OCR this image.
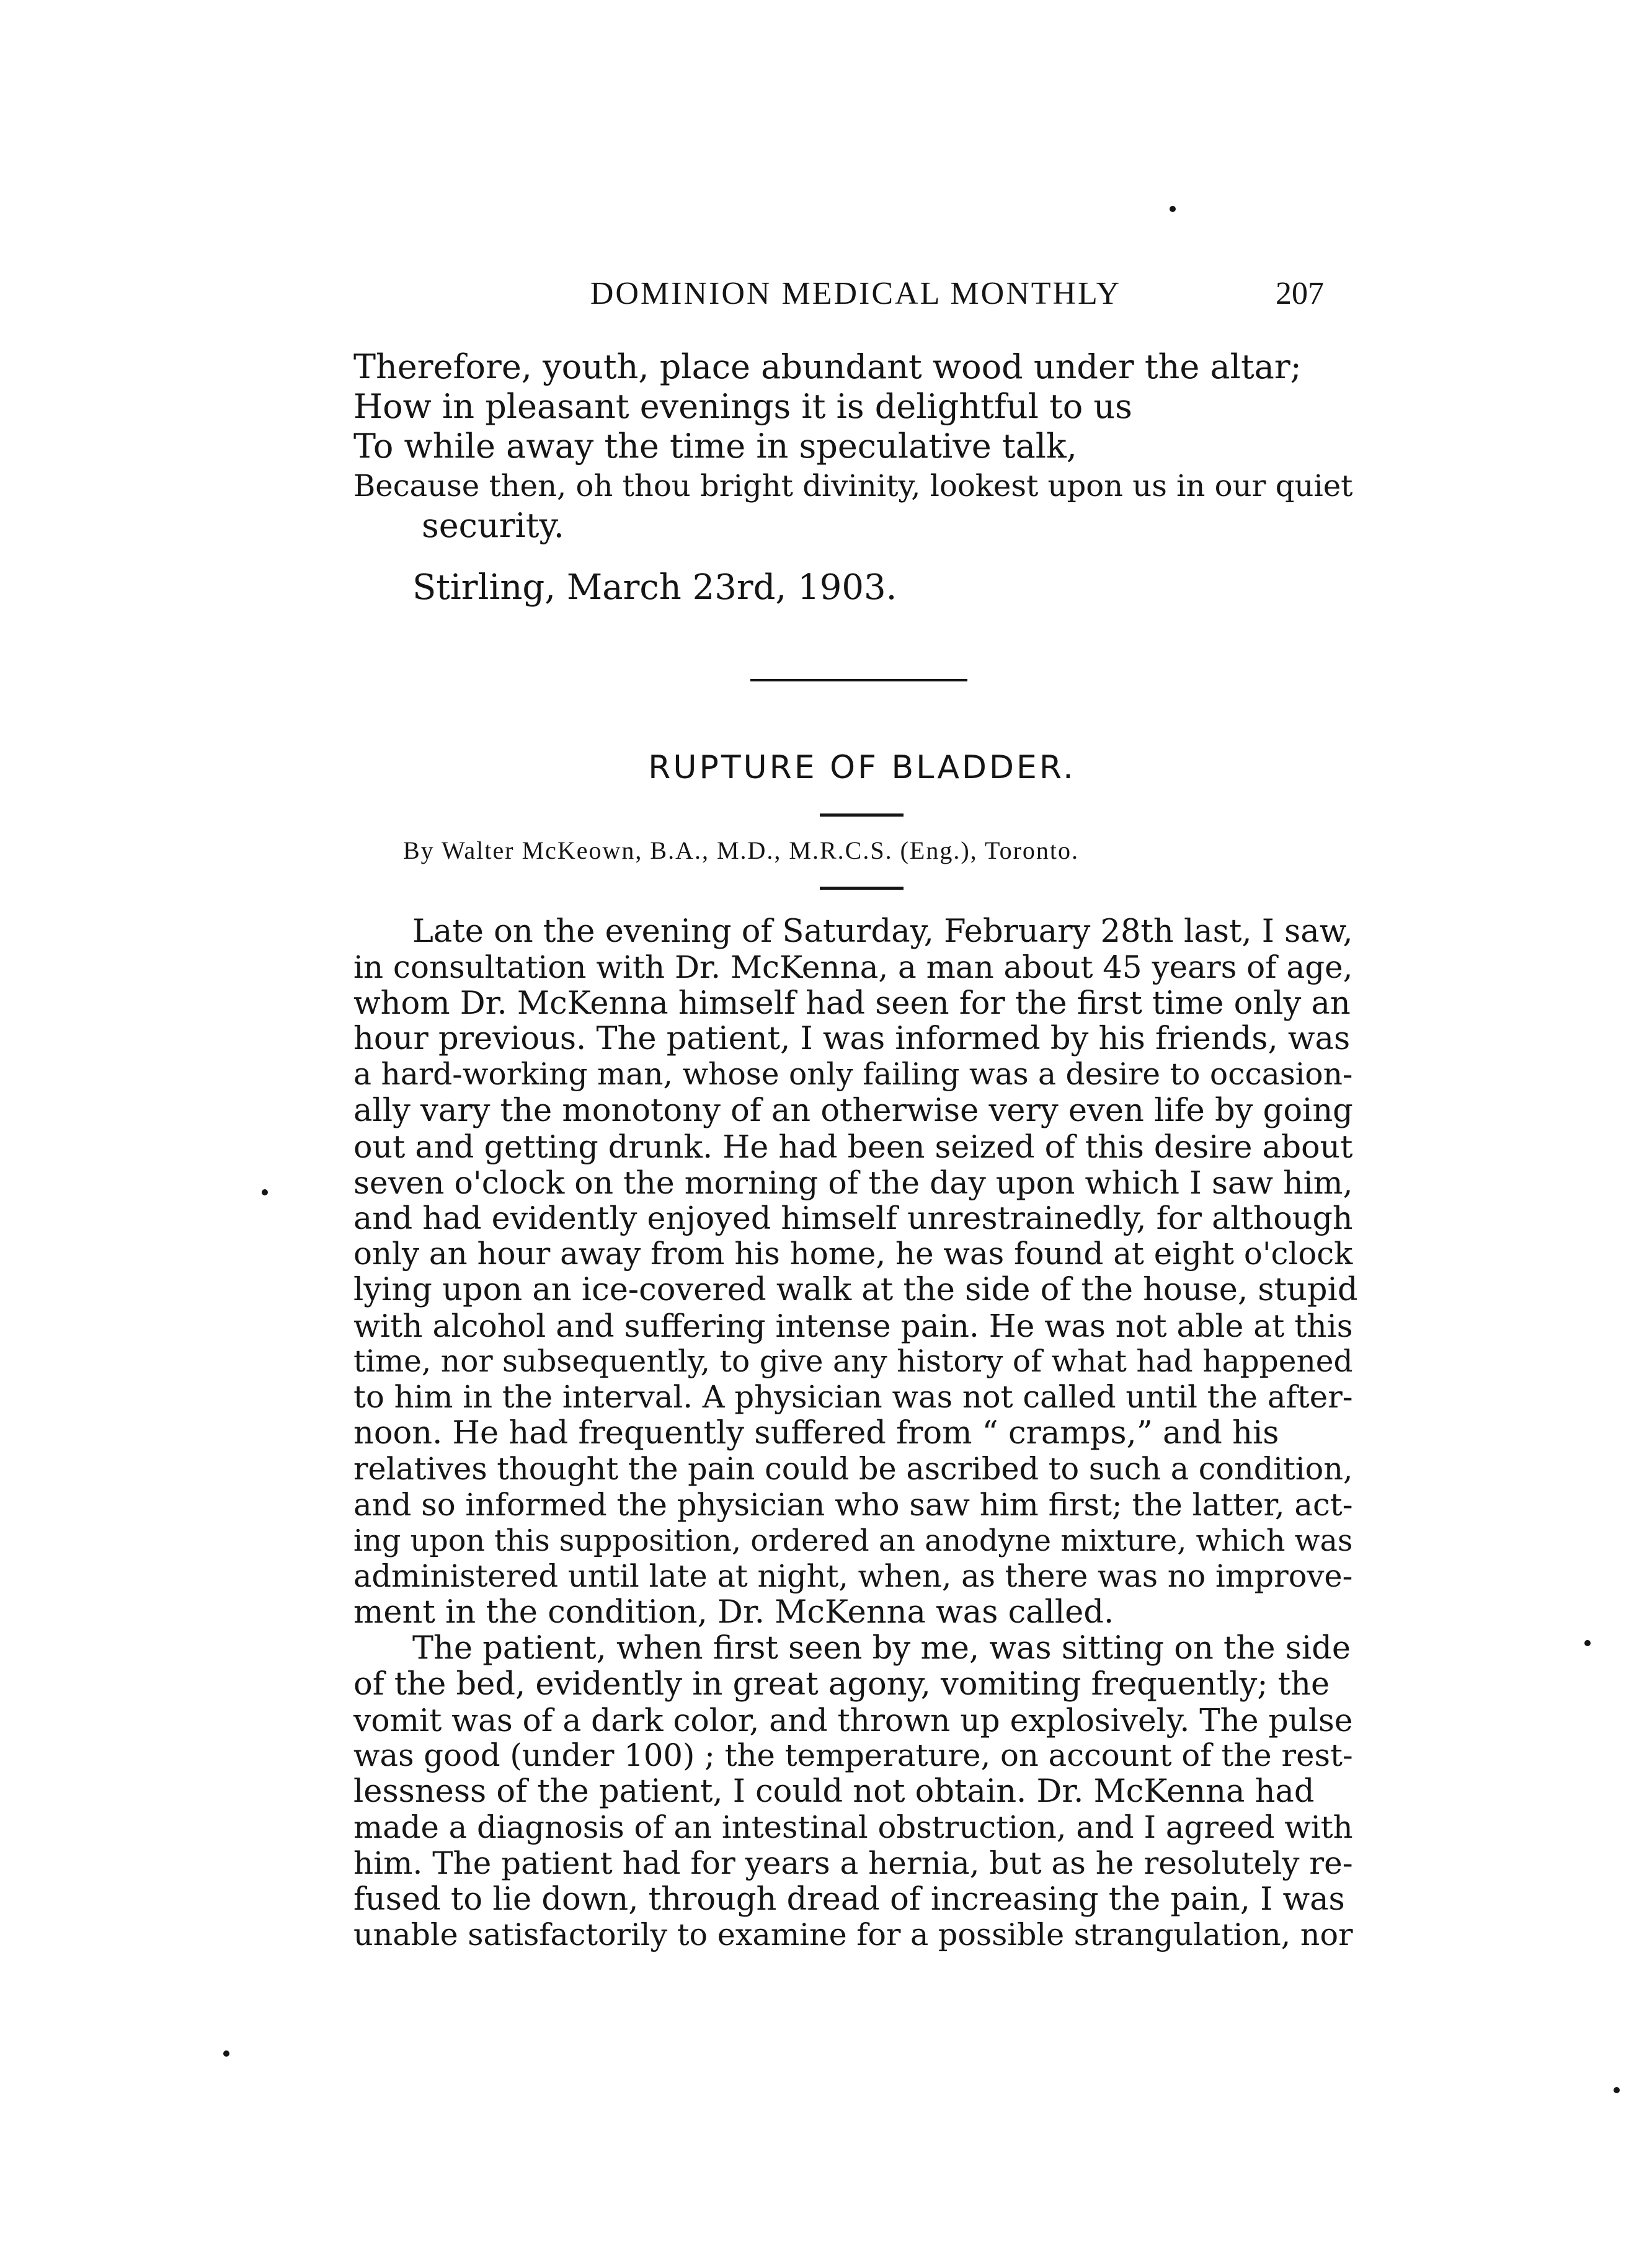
DOMINION MEDICAL MONTHLY	207
Therefore, youth, place abundant wood under the altar;
How in pleasant evenings it is delightful to us
To while away the time in speculative talk,
Because then, oh thou bright divinity, lookest upon us in our quiet
security.
Stirling, March 23rd, 1903.
RUPTURE OF BLADDER.
By Walter McKeown, B.A., M.D., M.R.C.S. (Eng.), Toronto.
Late on the evening of Saturday, February 28th last, I saw,
in consultation with Dr. McKenna, a man about 45 years of age,
whom Dr. McKenna himself had seen for the first time only an
hour previous. The patient, I was informed by his friends, was
a hard-working man, whose only failing was a desire to occasion-
ally vary the monotony of an otherwise very even life by going
out and getting drunk. He had been seized of this desire about
seven o'clock on the morning of the day upon which I saw him,
and had evidently enjoyed himself unrestrainedly, for although
only an hour away from his home, he was found at eight o'clock
lying upon an ice-covered walk at the side of the house, stupid
with alcohol and suffering intense pain. He was not able at this
time, nor subsequently, to give any history of what had happened
to him in the interval. A physician was not called until the after-
noon. He had frequently suffered from “ cramps,” and his
relatives thought the pain could be ascribed to such a condition,
and so informed the physician who saw him first; the latter, act-
ing upon this supposition, ordered an anodyne mixture, which was
administered until late at night, when, as there was no improve-
ment in the condition, Dr. McKenna was called.
The patient, when first seen by me, was sitting on the side
of the bed, evidently in great agony, vomiting frequently; the
vomit was of a dark color, and thrown up explosively. The pulse
was good (under 100) ; the temperature, on account of the rest-
lessness of the patient, I could not obtain. Dr. McKenna had
made a diagnosis of an intestinal obstruction, and I agreed with
him. The patient had for years a hernia, but as he resolutely re-
fused to lie down, through dread of increasing the pain, I was
unable satisfactorily to examine for a possible strangulation, nor
